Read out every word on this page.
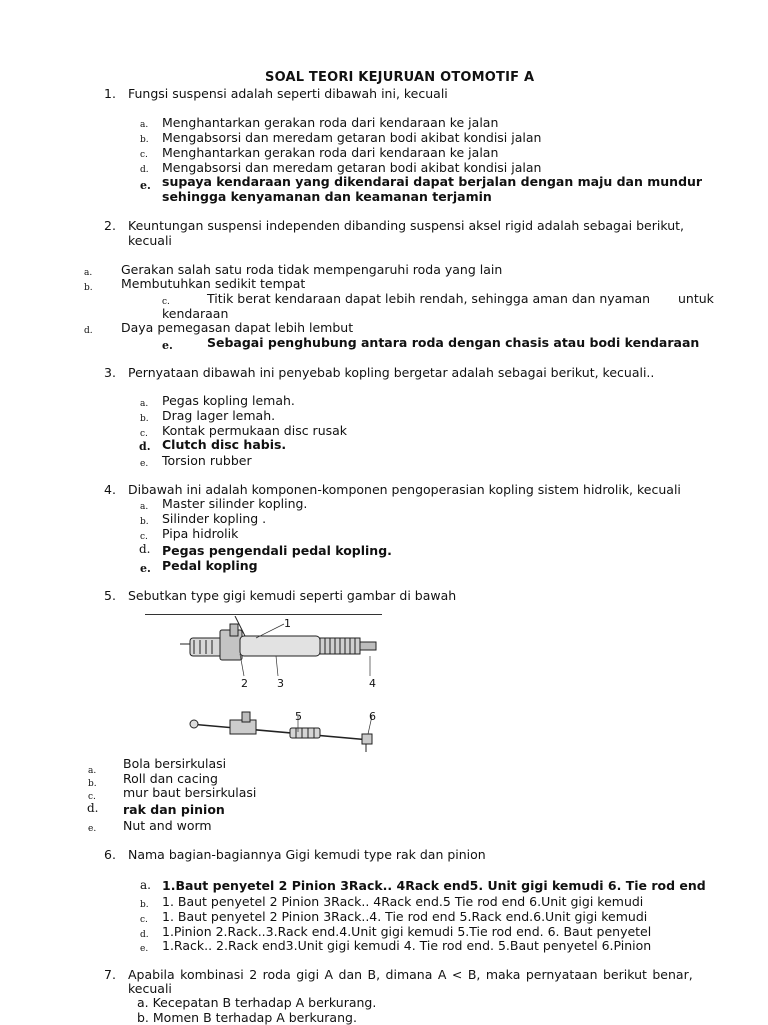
SOAL TEORI KEJURUAN OTOMOTIF A
1. Fungsi suspensi adalah seperti dibawah ini, kecuali
a. Menghantarkan gerakan roda dari kendaraan ke jalan
b. Mengabsorsi dan meredam getaran bodi akibat kondisi jalan
c. Menghantarkan gerakan roda dari kendaraan ke jalan
d. Mengabsorsi dan meredam getaran bodi akibat kondisi jalan
e. supaya kendaraan yang dikendarai dapat berjalan dengan maju dan mundur
sehingga kenyamanan dan keamanan terjamin
2. Keuntungan suspensi independen dibanding suspensi aksel rigid adalah sebagai berikut,
kecuali
a. Gerakan salah satu roda tidak mempengaruhi roda yang lain
b. Membutuhkan sedikit tempat
c.	Titik berat kendaraan dapat lebih rendah, sehingga aman dan nyaman untuk
kendaraan
d. Daya pemegasan dapat lebih lembut
e.	Sebagai penghubung antara roda dengan chasis atau bodi kendaraan
3. Pernyataan dibawah ini penyebab kopling bergetar adalah sebagai berikut, kecuali..
a. Pegas kopling lemah.
b. Drag lager lemah.
c. Kontak permukaan disc rusak
d. Clutch disc habis.
e. Torsion rubber
4. Dibawah ini adalah komponen-komponen pengoperasian kopling sistem hidrolik, kecuali
a. Master silinder kopling.
b. Silinder kopling .
c. Pipa hidrolik
d. Pegas pengendali pedal kopling.
e. Pedal kopling
5. Sebutkan type gigi kemudi seperti gambar di bawah
1
2	3	4
5	6
a. Bola bersirkulasi
b. Roll dan cacing
c. mur baut bersirkulasi
d. rak dan pinion
e. Nut and worm
6. Nama bagian-bagiannya Gigi kemudi type rak dan pinion
a. 1.Baut penyetel 2 Pinion 3Rack.. 4Rack end5. Unit gigi kemudi 6. Tie rod end
b. 1. Baut penyetel 2 Pinion 3Rack.. 4Rack end.5 Tie rod end 6.Unit gigi kemudi
c. 1. Baut penyetel 2 Pinion 3Rack..4. Tie rod end 5.Rack end.6.Unit gigi kemudi
d. 1.Pinion 2.Rack..3.Rack end.4.Unit gigi kemudi 5.Tie rod end. 6. Baut penyetel
e. 1.Rack.. 2.Rack end3.Unit gigi kemudi 4. Tie rod end. 5.Baut penyetel 6.Pinion
7. Apabila kombinasi 2 roda gigi A dan B, dimana A < B, maka pernyataan berikut benar,
kecuali
a. Kecepatan B terhadap A berkurang.
b. Momen B terhadap A berkurang.
